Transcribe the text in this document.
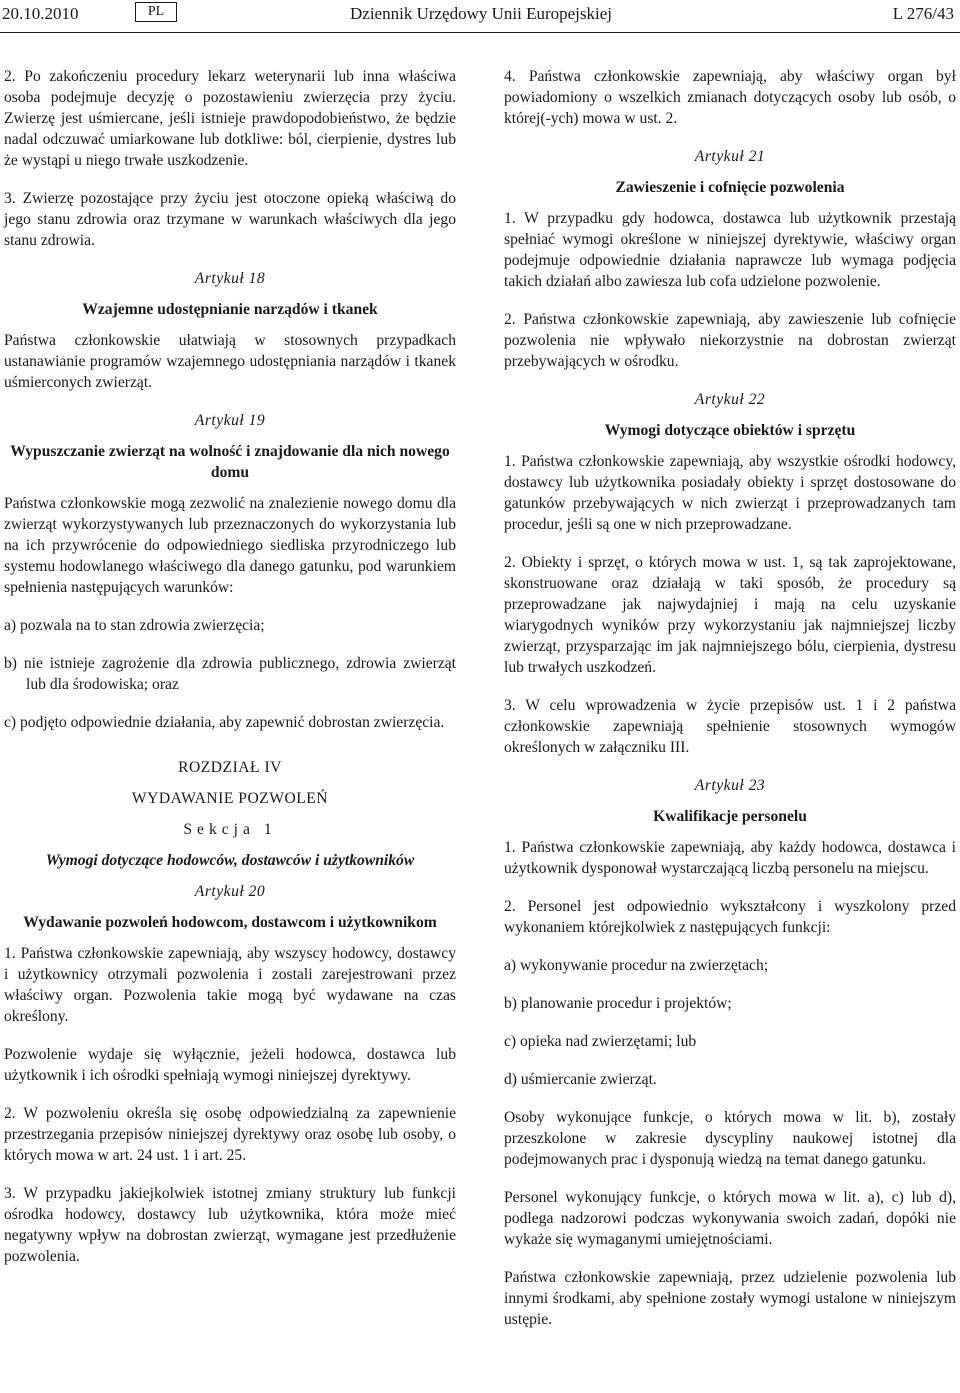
20.10.2010	PL	Dziennik Urzędowy Unii Europejskiej	L 276/43

2. Po zakończeniu procedury lekarz weterynarii lub inna właściwa osoba podejmuje decyzję o pozostawieniu zwierzęcia przy życiu. Zwierzę jest uśmiercane, jeśli istnieje prawdopodobieństwo, że będzie nadal odczuwać umiarkowane lub dotkliwe: ból, cierpienie, dystres lub że wystąpi u niego trwałe uszkodzenie.

3. Zwierzę pozostające przy życiu jest otoczone opieką właściwą do jego stanu zdrowia oraz trzymane w warunkach właściwych dla jego stanu zdrowia.

Artykuł 18

Wzajemne udostępnianie narządów i tkanek

Państwa członkowskie ułatwiają w stosownych przypadkach ustanawianie programów wzajemnego udostępniania narządów i tkanek uśmierconych zwierząt.

Artykuł 19

Wypuszczanie zwierząt na wolność i znajdowanie dla nich nowego domu

Państwa członkowskie mogą zezwolić na znalezienie nowego domu dla zwierząt wykorzystywanych lub przeznaczonych do wykorzystania lub na ich przywrócenie do odpowiedniego siedliska przyrodniczego lub systemu hodowlanego właściwego dla danego gatunku, pod warunkiem spełnienia następujących warunków:

a) pozwala na to stan zdrowia zwierzęcia;

b) nie istnieje zagrożenie dla zdrowia publicznego, zdrowia zwierząt lub dla środowiska; oraz

c) podjęto odpowiednie działania, aby zapewnić dobrostan zwierzęcia.

ROZDZIAŁ IV

WYDAWANIE POZWOLEŃ

Sekcja 1

Wymogi dotyczące hodowców, dostawców i użytkowników

Artykuł 20

Wydawanie pozwoleń hodowcom, dostawcom i użytkownikom

1. Państwa członkowskie zapewniają, aby wszyscy hodowcy, dostawcy i użytkownicy otrzymali pozwolenia i zostali zarejestrowani przez właściwy organ. Pozwolenia takie mogą być wydawane na czas określony.

Pozwolenie wydaje się wyłącznie, jeżeli hodowca, dostawca lub użytkownik i ich ośrodki spełniają wymogi niniejszej dyrektywy.

2. W pozwoleniu określa się osobę odpowiedzialną za zapewnienie przestrzegania przepisów niniejszej dyrektywy oraz osobę lub osoby, o których mowa w art. 24 ust. 1 i art. 25.

3. W przypadku jakiejkolwiek istotnej zmiany struktury lub funkcji ośrodka hodowcy, dostawcy lub użytkownika, która może mieć negatywny wpływ na dobrostan zwierząt, wymagane jest przedłużenie pozwolenia.

4. Państwa członkowskie zapewniają, aby właściwy organ był powiadomiony o wszelkich zmianach dotyczących osoby lub osób, o której(-ych) mowa w ust. 2.

Artykuł 21

Zawieszenie i cofnięcie pozwolenia

1. W przypadku gdy hodowca, dostawca lub użytkownik przestają spełniać wymogi określone w niniejszej dyrektywie, właściwy organ podejmuje odpowiednie działania naprawcze lub wymaga podjęcia takich działań albo zawiesza lub cofa udzielone pozwolenie.

2. Państwa członkowskie zapewniają, aby zawieszenie lub cofnięcie pozwolenia nie wpływało niekorzystnie na dobrostan zwierząt przebywających w ośrodku.

Artykuł 22

Wymogi dotyczące obiektów i sprzętu

1. Państwa członkowskie zapewniają, aby wszystkie ośrodki hodowcy, dostawcy lub użytkownika posiadały obiekty i sprzęt dostosowane do gatunków przebywających w nich zwierząt i przeprowadzanych tam procedur, jeśli są one w nich przeprowadzane.

2. Obiekty i sprzęt, o których mowa w ust. 1, są tak zaprojektowane, skonstruowane oraz działają w taki sposób, że procedury są przeprowadzane jak najwydajniej i mają na celu uzyskanie wiarygodnych wyników przy wykorzystaniu jak najmniejszej liczby zwierząt, przysparzając im jak najmniejszego bólu, cierpienia, dystresu lub trwałych uszkodzeń.

3. W celu wprowadzenia w życie przepisów ust. 1 i 2 państwa członkowskie zapewniają spełnienie stosownych wymogów określonych w załączniku III.

Artykuł 23

Kwalifikacje personelu

1. Państwa członkowskie zapewniają, aby każdy hodowca, dostawca i użytkownik dysponował wystarczającą liczbą personelu na miejscu.

2. Personel jest odpowiednio wykształcony i wyszkolony przed wykonaniem którejkolwiek z następujących funkcji:

a) wykonywanie procedur na zwierzętach;

b) planowanie procedur i projektów;

c) opieka nad zwierzętami; lub

d) uśmiercanie zwierząt.

Osoby wykonujące funkcje, o których mowa w lit. b), zostały przeszkolone w zakresie dyscypliny naukowej istotnej dla podejmowanych prac i dysponują wiedzą na temat danego gatunku.

Personel wykonujący funkcje, o których mowa w lit. a), c) lub d), podlega nadzorowi podczas wykonywania swoich zadań, dopóki nie wykaże się wymaganymi umiejętnościami.

Państwa członkowskie zapewniają, przez udzielenie pozwolenia lub innymi środkami, aby spełnione zostały wymogi ustalone w niniejszym ustępie.
